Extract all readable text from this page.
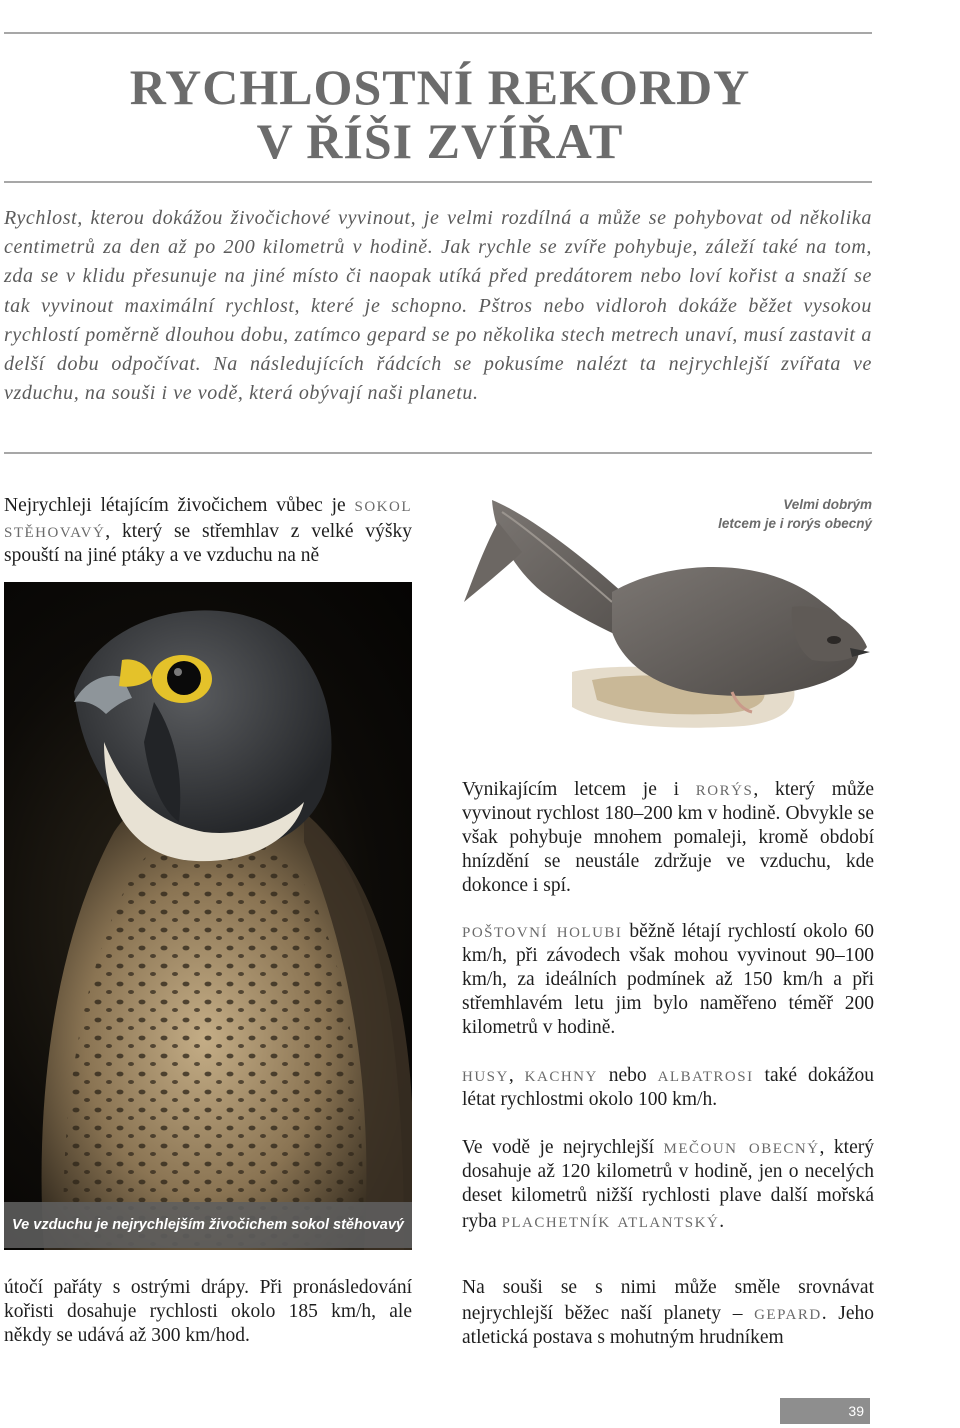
RYCHLOSTNÍ REKORDY
V ŘÍŠI ZVÍŘAT

Rychlost, kterou dokážou živočichové vyvinout, je velmi rozdílná a může se pohybovat od několika centimetrů za den až po 200 kilometrů v hodině. Jak rychle se zvíře pohybuje, záleží také na tom, zda se v klidu přesunuje na jiné místo či naopak utíká před predátorem nebo loví kořist a snaží se tak vyvinout maximální rychlost, které je schopno. Pštros nebo vidloroh dokáže běžet vysokou rychlostí poměrně dlouhou dobu, zatímco gepard se po několika stech metrech unaví, musí zastavit a delší dobu odpočívat. Na následujících řádcích se pokusíme nalézt ta nejrychlejší zvířata ve vzduchu, na souši i ve vodě, která obývají naši planetu.

Nejrychleji létajícím živočichem vůbec je sokol stěhovavý, který se střemhlav z velké výšky spouští na jiné ptáky a ve vzduchu na ně

Ve vzduchu je nejrychlejším živočichem sokol stěhovavý

útočí pařáty s ostrými drápy. Při pronásledování kořisti dosahuje rychlosti okolo 185 km/h, ale někdy se udává až 300 km/hod.

Velmi dobrým
letcem je i rorýs obecný

Vynikajícím letcem je i rorýs, který může vyvinout rychlost 180–200 km v hodině. Obvykle se však pohybuje mnohem pomaleji, kromě období hnízdění se neustále zdržuje ve vzduchu, kde dokonce i spí.

poštovní holubi běžně létají rychlostí okolo 60 km/h, při závodech však mohou vyvinout 90–100 km/h, za ideálních podmínek až 150 km/h a při střemhlavém letu jim bylo naměřeno téměř 200 kilometrů v hodině.

husy, kachny nebo albatrosi také dokážou létat rychlostmi okolo 100 km/h.

Ve vodě je nejrychlejší mečoun obecný, který dosahuje až 120 kilometrů v hodině, jen o necelých deset kilometrů nižší rychlosti plave další mořská ryba plachetník atlantský.

Na souši se s nimi může směle srovnávat nejrychlejší běžec naší planety – gepard. Jeho atletická postava s mohutným hrudníkem

39
